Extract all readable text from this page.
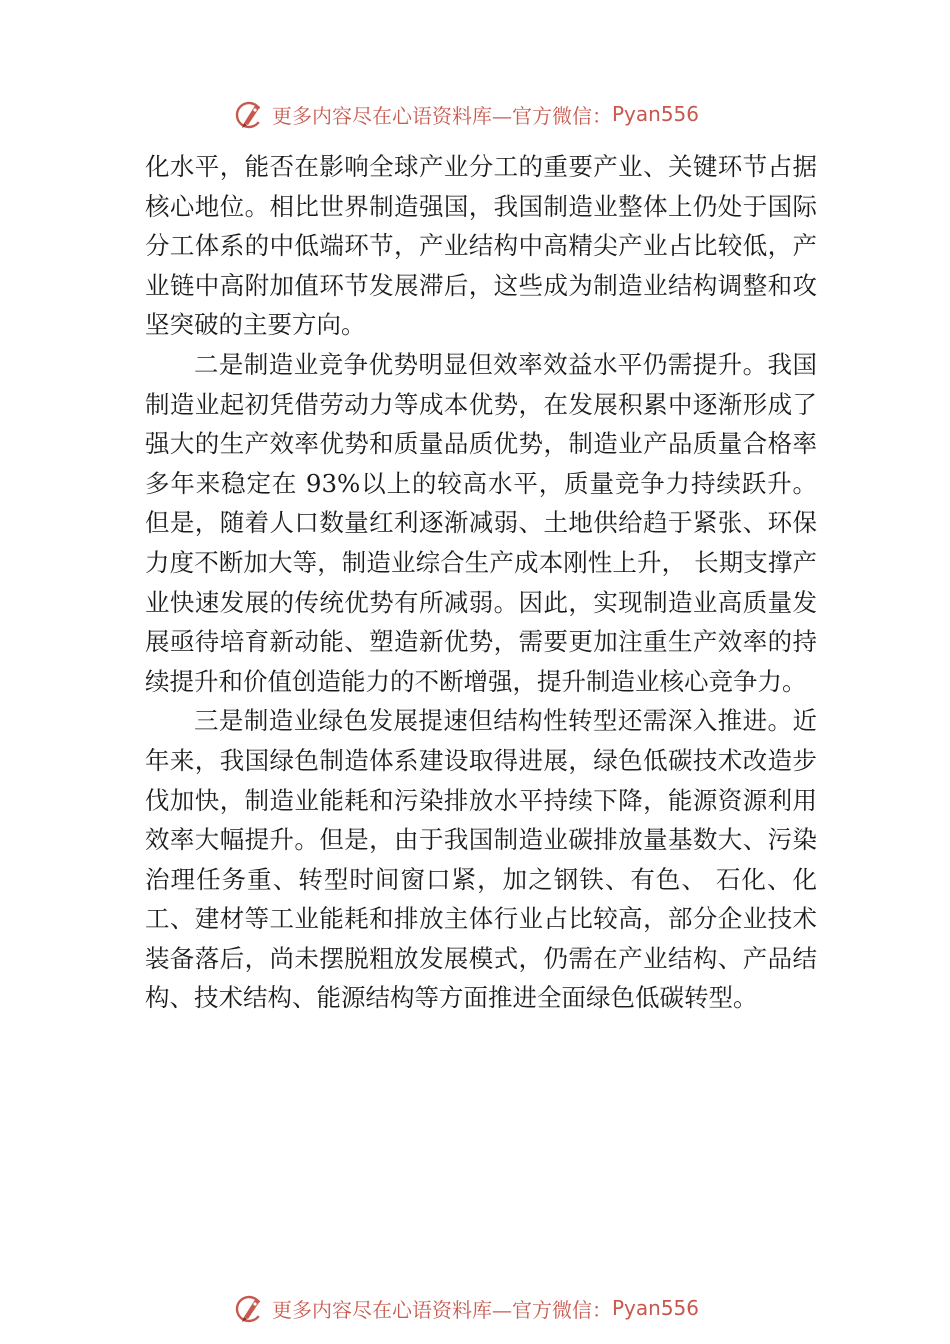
更多内容尽在心语资料库—官方微信： Pyan556

化水平，能否在影响全球产业分工的重要产业、关键环节占据核心地位。相比世界制造强国，我国制造业整体上仍处于国际分工体系的中低端环节，产业结构中高精尖产业占比较低，产业链中高附加值环节发展滞后，这些成为制造业结构调整和攻坚突破的主要方向。

二是制造业竞争优势明显但效率效益水平仍需提升。我国制造业起初凭借劳动力等成本优势，在发展积累中逐渐形成了强大的生产效率优势和质量品质优势，制造业产品质量合格率多年来稳定在 93%以上的较高水平，质量竞争力持续跃升。但是，随着人口数量红利逐渐减弱、土地供给趋于紧张、环保力度不断加大等，制造业综合生产成本刚性上升， 长期支撑产业快速发展的传统优势有所减弱。因此，实现制造业高质量发展亟待培育新动能、塑造新优势，需要更加注重生产效率的持续提升和价值创造能力的不断增强，提升制造业核心竞争力。

三是制造业绿色发展提速但结构性转型还需深入推进。近年来，我国绿色制造体系建设取得进展，绿色低碳技术改造步伐加快，制造业能耗和污染排放水平持续下降，能源资源利用效率大幅提升。但是，由于我国制造业碳排放量基数大、污染治理任务重、转型时间窗口紧，加之钢铁、有色、 石化、化工、建材等工业能耗和排放主体行业占比较高，部分企业技术装备落后，尚未摆脱粗放发展模式，仍需在产业结构、产品结构、技术结构、能源结构等方面推进全面绿色低碳转型。

更多内容尽在心语资料库—官方微信： Pyan556
